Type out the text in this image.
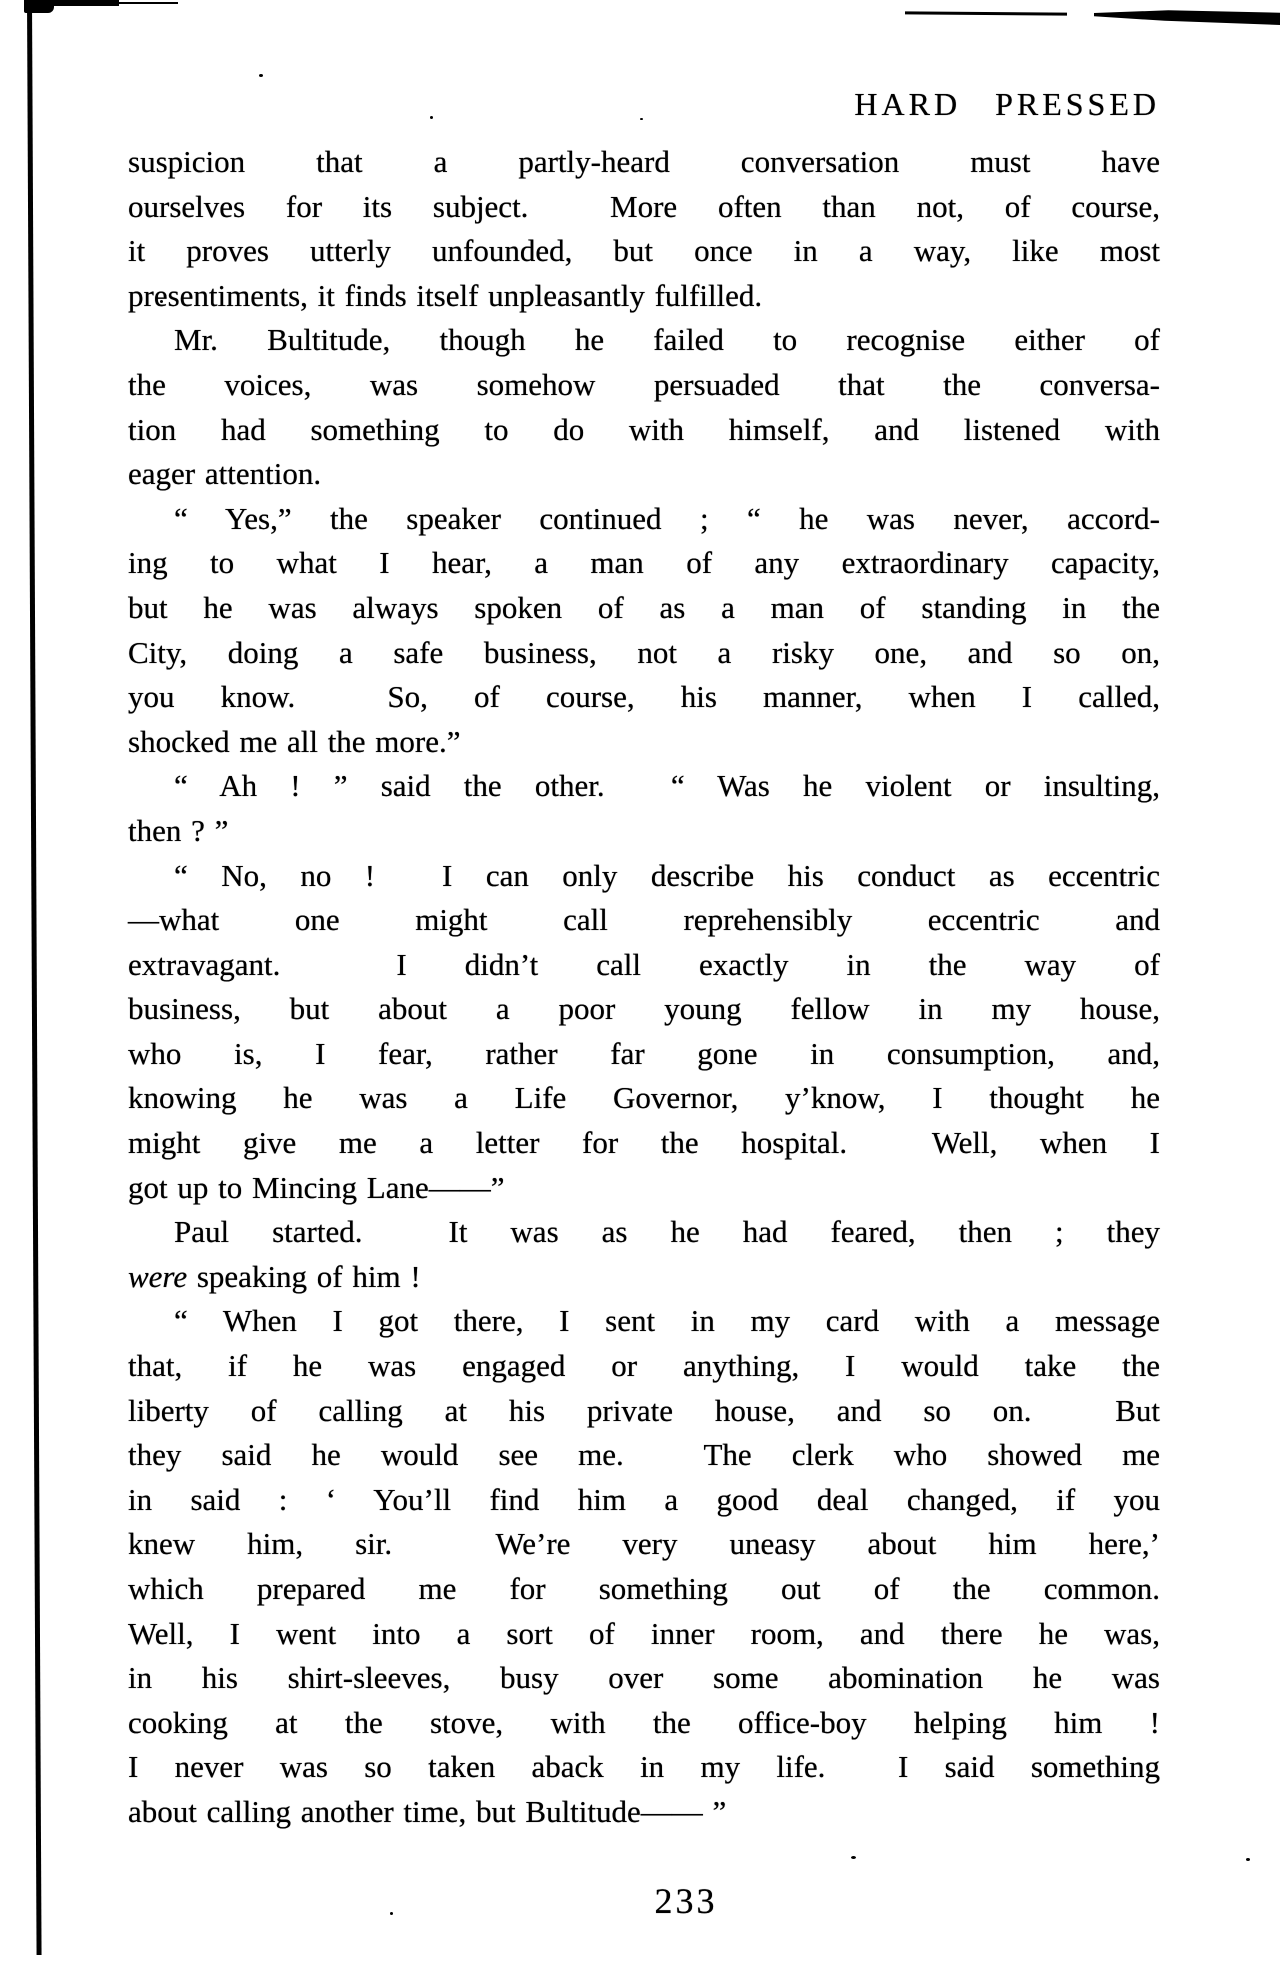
HARD PRESSED
suspicion that a partly-heard conversation must have
ourselves for its subject.  More often than not, of course,
it proves utterly unfounded, but once in a way, like most
presentiments, it finds itself unpleasantly fulfilled.
Mr. Bultitude, though he failed to recognise either of
the voices, was somehow persuaded that the conversa-
tion had something to do with himself, and listened with
eager attention.
“ Yes,” the speaker continued ; “ he was never, accord-
ing to what I hear, a man of any extraordinary capacity,
but he was always spoken of as a man of standing in the
City, doing a safe business, not a risky one, and so on,
you know.  So, of course, his manner, when I called,
shocked me all the more.”
“ Ah ! ” said the other.  “ Was he violent or insulting,
then ? ”
“ No, no !  I can only describe his conduct as eccentric
—what one might call reprehensibly eccentric and
extravagant.  I didn’t call exactly in the way of
business, but about a poor young fellow in my house,
who is, I fear, rather far gone in consumption, and,
knowing he was a Life Governor, y’know, I thought he
might give me a letter for the hospital.  Well, when I
got up to Mincing Lane——”
Paul started.  It was as he had feared, then ; they
were speaking of him !
“ When I got there, I sent in my card with a message
that, if he was engaged or anything, I would take the
liberty of calling at his private house, and so on.  But
they said he would see me.  The clerk who showed me
in said : ‘ You’ll find him a good deal changed, if you
knew him, sir.  We’re very uneasy about him here,’
which prepared me for something out of the common.
Well, I went into a sort of inner room, and there he was,
in his shirt-sleeves, busy over some abomination he was
cooking at the stove, with the office-boy helping him !
I never was so taken aback in my life.  I said something
about calling another time, but Bultitude—— ”
233
